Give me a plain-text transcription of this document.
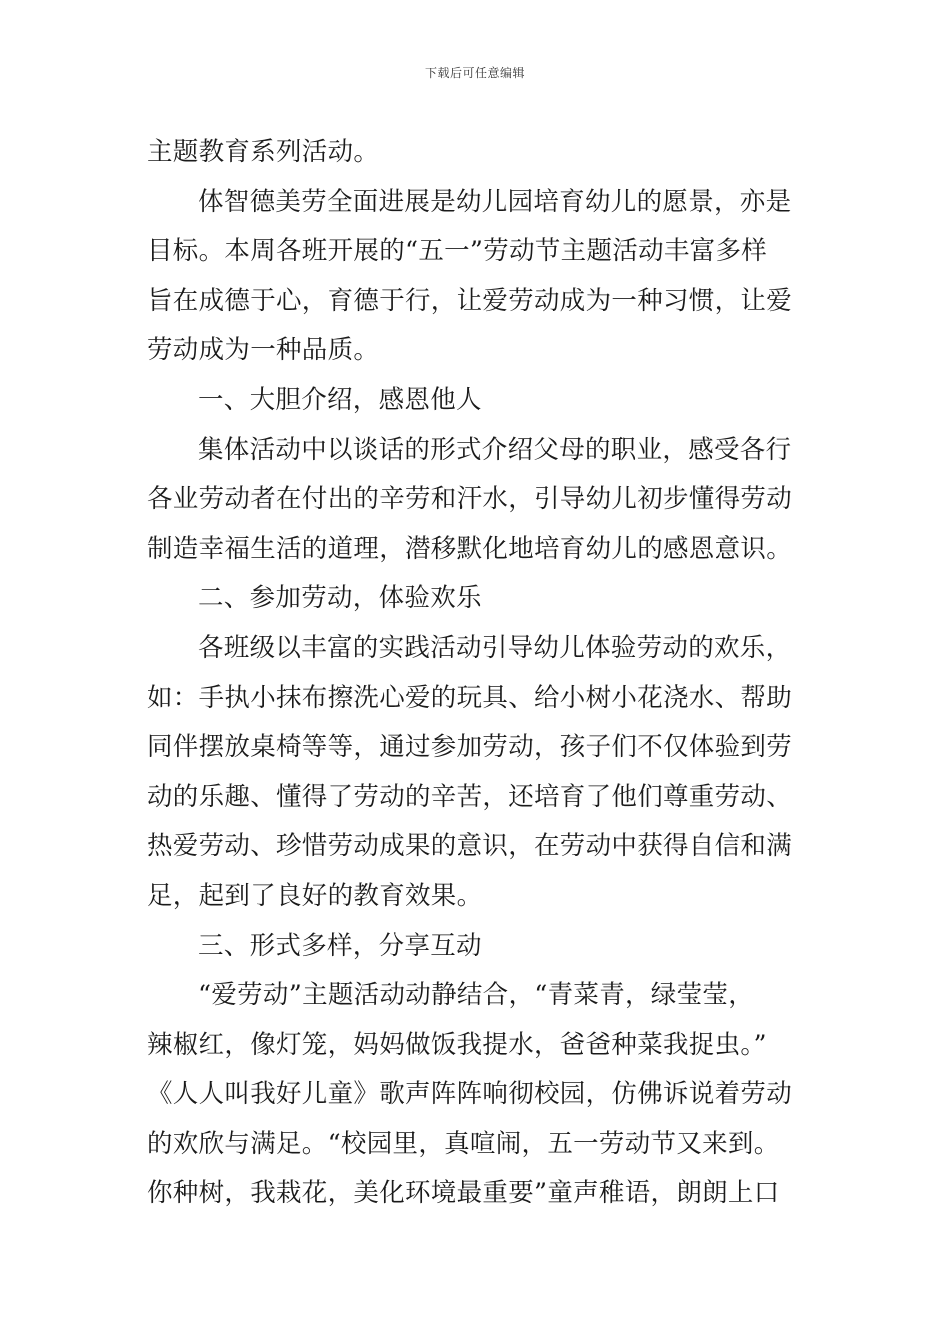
下载后可任意编辑
主题教育系列活动。
体智德美劳全面进展是幼儿园培育幼儿的愿景，亦是
目标。本周各班开展的“五一”劳动节主题活动丰富多样
旨在成德于心，育德于行，让爱劳动成为一种习惯，让爱
劳动成为一种品质。
一、大胆介绍，感恩他人
集体活动中以谈话的形式介绍父母的职业，感受各行
各业劳动者在付出的辛劳和汗水，引导幼儿初步懂得劳动
制造幸福生活的道理，潜移默化地培育幼儿的感恩意识。
二、参加劳动，体验欢乐
各班级以丰富的实践活动引导幼儿体验劳动的欢乐，
如：手执小抹布擦洗心爱的玩具、给小树小花浇水、帮助
同伴摆放桌椅等等，通过参加劳动，孩子们不仅体验到劳
动的乐趣、懂得了劳动的辛苦，还培育了他们尊重劳动、
热爱劳动、珍惜劳动成果的意识，在劳动中获得自信和满
足，起到了良好的教育效果。
三、形式多样，分享互动
“爱劳动”主题活动动静结合，“青菜青，绿莹莹，
辣椒红，像灯笼，妈妈做饭我提水，爸爸种菜我捉虫。”
《人人叫我好儿童》歌声阵阵响彻校园，仿佛诉说着劳动
的欢欣与满足。“校园里，真喧闹，五一劳动节又来到。
你种树，我栽花，美化环境最重要”童声稚语，朗朗上口
